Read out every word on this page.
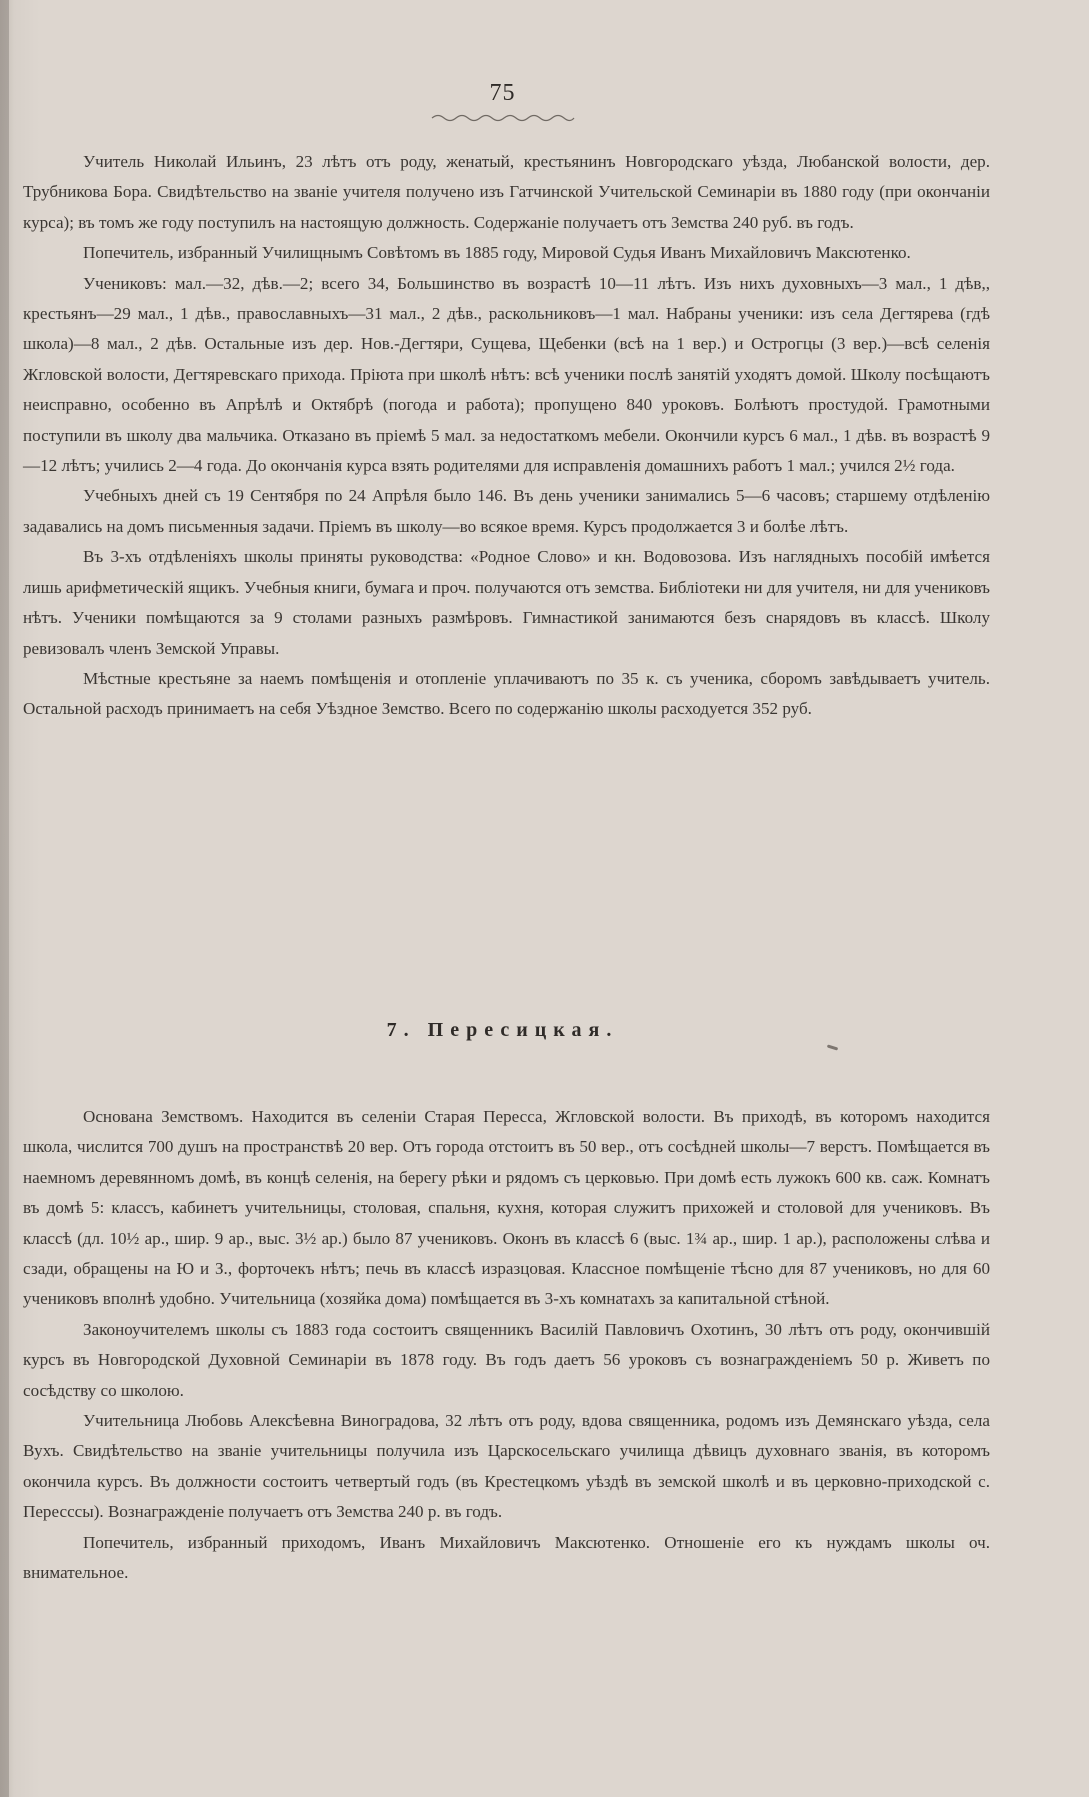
75

Учитель Николай Ильинъ, 23 лѣтъ отъ роду, женатый, крестьянинъ Новгородскаго уѣзда, Любанской волости, дер. Трубникова Бора. Свидѣтельство на званіе учителя получено изъ Гатчинской Учительской Семинаріи въ 1880 году (при окончаніи курса); въ томъ же году поступилъ на настоящую должность. Содержаніе получаетъ отъ Земства 240 руб. въ годъ.

Попечитель, избранный Училищнымъ Совѣтомъ въ 1885 году, Мировой Судья Иванъ Михайловичъ Максютенко.

Учениковъ: мал.—32, дѣв.—2; всего 34, Большинство въ возрастѣ 10—11 лѣтъ. Изъ нихъ духовныхъ—3 мал., 1 дѣв,, крестьянъ—29 мал., 1 дѣв., православныхъ—31 мал., 2 дѣв., раскольниковъ—1 мал. Набраны ученики: изъ села Дегтярева (гдѣ школа)—8 мал., 2 дѣв. Остальные изъ дер. Нов.-Дегтяри, Сущева, Щебенки (всѣ на 1 вер.) и Острогцы (3 вер.)—всѣ селенія Жгловской волости, Дегтяревскаго прихода. Пріюта при школѣ нѣтъ: всѣ ученики послѣ занятій уходятъ домой. Школу посѣщаютъ неисправно, особенно въ Апрѣлѣ и Октябрѣ (погода и работа); пропущено 840 уроковъ. Болѣютъ простудой. Грамотными поступили въ школу два мальчика. Отказано въ пріемѣ 5 мал. за недостаткомъ мебели. Окончили курсъ 6 мал., 1 дѣв. въ возрастѣ 9—12 лѣтъ; учились 2—4 года. До окончанія курса взять родителями для исправленія домашнихъ работъ 1 мал.; учился 2½ года.

Учебныхъ дней съ 19 Сентября по 24 Апрѣля было 146. Въ день ученики занимались 5—6 часовъ; старшему отдѣленію задавались на домъ письменныя задачи. Пріемъ въ школу—во всякое время. Курсъ продолжается 3 и болѣе лѣтъ.

Въ 3-хъ отдѣленіяхъ школы приняты руководства: «Родное Слово» и кн. Водовозова. Изъ наглядныхъ пособій имѣется лишь арифметическій ящикъ. Учебныя книги, бумага и проч. получаются отъ земства. Библіотеки ни для учителя, ни для учениковъ нѣтъ. Ученики помѣщаются за 9 столами разныхъ размѣровъ. Гимнастикой занимаются безъ снарядовъ въ классѣ. Школу ревизовалъ членъ Земской Управы.

Мѣстные крестьяне за наемъ помѣщенія и отопленіе уплачиваютъ по 35 к. съ ученика, сборомъ завѣдываетъ учитель. Остальной расходъ принимаетъ на себя Уѣздное Земство. Всего по содержанію школы расходуется 352 руб.

7. Пересицкая.

Основана Земствомъ. Находится въ селеніи Старая Пересса, Жгловской волости. Въ приходѣ, въ которомъ находится школа, числится 700 душъ на пространствѣ 20 вер. Отъ города отстоитъ въ 50 вер., отъ сосѣдней школы—7 верстъ. Помѣщается въ наемномъ деревянномъ домѣ, въ концѣ селенія, на берегу рѣки и рядомъ съ церковью. При домѣ есть лужокъ 600 кв. саж. Комнатъ въ домѣ 5: классъ, кабинетъ учительницы, столовая, спальня, кухня, которая служитъ прихожей и столовой для учениковъ. Въ классѣ (дл. 10½ ар., шир. 9 ар., выс. 3½ ар.) было 87 учениковъ. Оконъ въ классѣ 6 (выс. 1¾ ар., шир. 1 ар.), расположены слѣва и сзади, обращены на Ю и З., форточекъ нѣтъ; печь въ классѣ изразцовая. Классное помѣщеніе тѣсно для 87 учениковъ, но для 60 учениковъ вполнѣ удобно. Учительница (хозяйка дома) помѣщается въ 3-хъ комнатахъ за капитальной стѣной.

Законоучителемъ школы съ 1883 года состоитъ священникъ Василій Павловичъ Охотинъ, 30 лѣтъ отъ роду, окончившій курсъ въ Новгородской Духовной Семинаріи въ 1878 году. Въ годъ даетъ 56 уроковъ съ вознагражденіемъ 50 р. Живетъ по сосѣдству со школою.

Учительница Любовь Алексѣевна Виноградова, 32 лѣтъ отъ роду, вдова священника, родомъ изъ Демянскаго уѣзда, села Вухъ. Свидѣтельство на званіе учительницы получила изъ Царскосельскаго училища дѣвицъ духовнаго званія, въ которомъ окончила курсъ. Въ должности состоитъ четвертый годъ (въ Крестецкомъ уѣздѣ въ земской школѣ и въ церковно-приходской с. Пересссы). Вознагражденіе получаетъ отъ Земства 240 р. въ годъ.

Попечитель, избранный приходомъ, Иванъ Михайловичъ Максютенко. Отношеніе его къ нуждамъ школы оч. внимательное.
